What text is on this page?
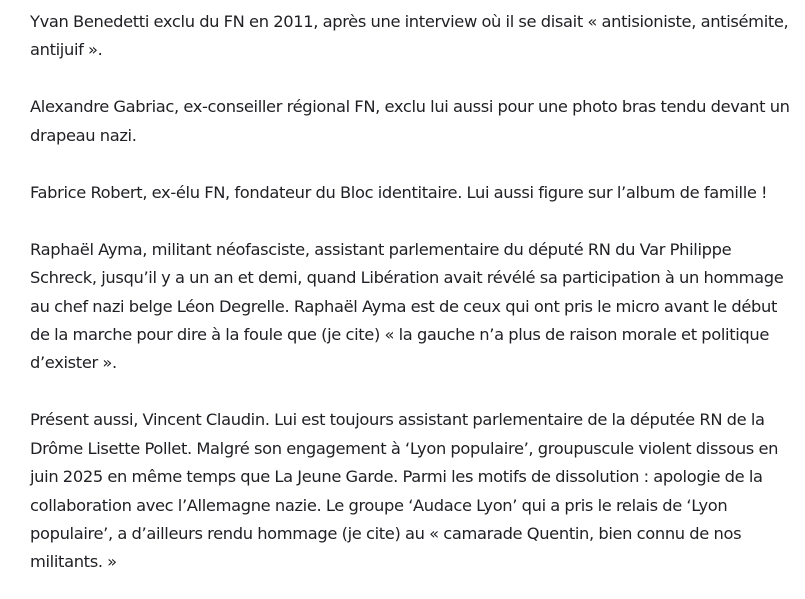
Yvan Benedetti exclu du FN en 2011, après une interview où il se disait « antisioniste, antisémite, antijuif ».

Alexandre Gabriac, ex-conseiller régional FN, exclu lui aussi pour une photo bras tendu devant un drapeau nazi.

Fabrice Robert, ex-élu FN, fondateur du Bloc identitaire. Lui aussi figure sur l’album de famille !

Raphaël Ayma, militant néofasciste, assistant parlementaire du député RN du Var Philippe Schreck, jusqu’il y a un an et demi, quand Libération avait révélé sa participation à un hommage au chef nazi belge Léon Degrelle. Raphaël Ayma est de ceux qui ont pris le micro avant le début de la marche pour dire à la foule que (je cite) « la gauche n’a plus de raison morale et politique d’exister ».

Présent aussi, Vincent Claudin. Lui est toujours assistant parlementaire de la députée RN de la Drôme Lisette Pollet. Malgré son engagement à ‘Lyon populaire’, groupuscule violent dissous en juin 2025 en même temps que La Jeune Garde. Parmi les motifs de dissolution : apologie de la collaboration avec l’Allemagne nazie. Le groupe ‘Audace Lyon’ qui a pris le relais de ‘Lyon populaire’, a d’ailleurs rendu hommage (je cite) au « camarade Quentin, bien connu de nos militants. »
